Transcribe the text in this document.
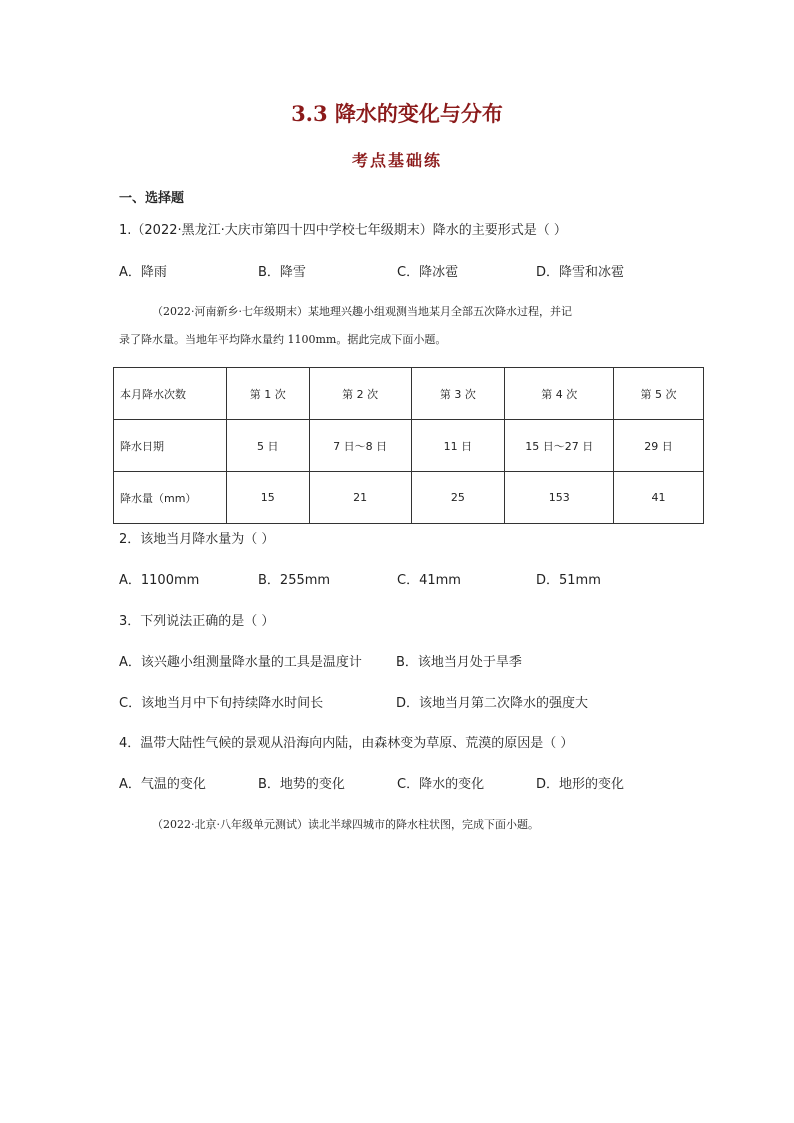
3.3 降水的变化与分布
考点基础练
一、选择题
1.（2022·黑龙江·大庆市第四十四中学校七年级期末）降水的主要形式是（ ）
A．降雨	B．降雪	C．降冰雹	D．降雪和冰雹
（2022·河南新乡·七年级期末）某地理兴趣小组观测当地某月全部五次降水过程，并记
录了降水量。当地年平均降水量约 1100mm。据此完成下面小题。
本月降水次数	第 1 次	第 2 次	第 3 次	第 4 次	第 5 次
降水日期	5 日	7 日～8 日	11 日	15 日～27 日	29 日
降水量（mm）	15	21	25	153	41
2．该地当月降水量为（ ）
A．1100mm	B．255mm	C．41mm	D．51mm
3．下列说法正确的是（ ）
A．该兴趣小组测量降水量的工具是温度计	B．该地当月处于旱季
C．该地当月中下旬持续降水时间长	D．该地当月第二次降水的强度大
4．温带大陆性气候的景观从沿海向内陆，由森林变为草原、荒漠的原因是（ ）
A．气温的变化	B．地势的变化	C．降水的变化	D．地形的变化
（2022·北京·八年级单元测试）读北半球四城市的降水柱状图，完成下面小题。
